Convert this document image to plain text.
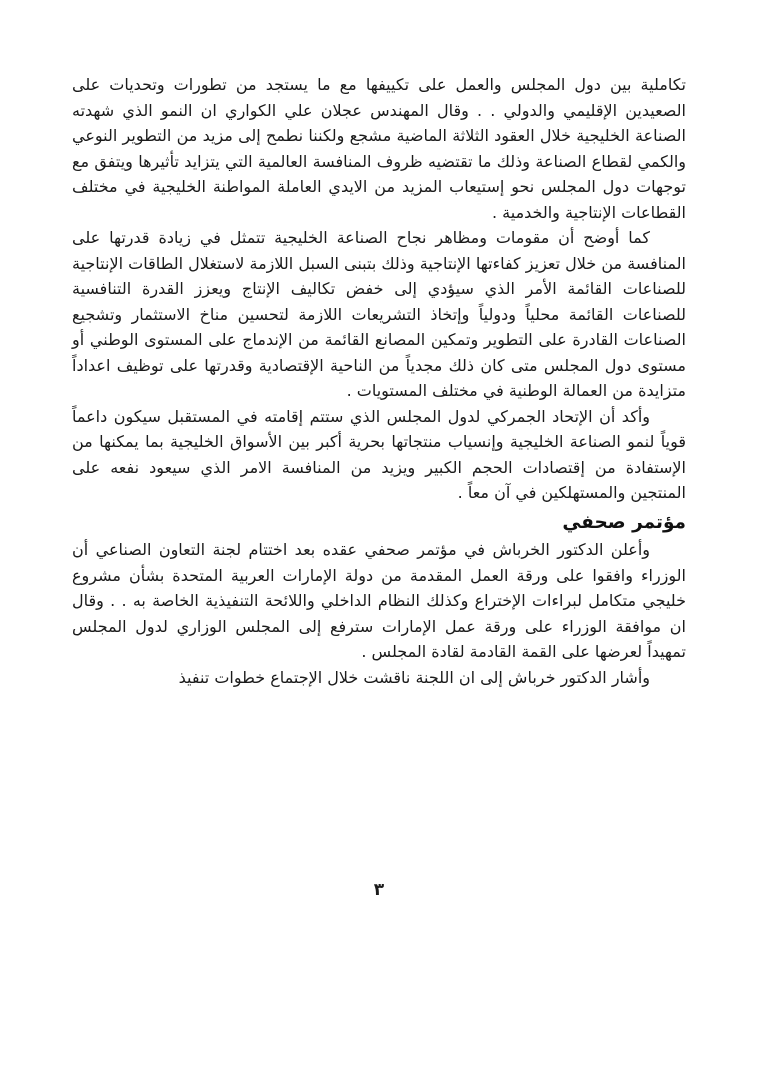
تكاملية بين دول المجلس والعمل على تكييفها مع ما يستجد من تطورات وتحديات على الصعيدين الإقليمي والدولي . . وقال المهندس عجلان علي الكواري ان النمو الذي شهدته الصناعة الخليجية خلال العقود الثلاثة الماضية مشجع ولكننا نطمح إلى مزيد من التطوير النوعي والكمي لقطاع الصناعة وذلك ما تقتضيه ظروف المنافسة العالمية التي يتزايد تأثيرها ويتفق مع توجهات دول المجلس نحو إستيعاب المزيد من الايدي العاملة المواطنة الخليجية في مختلف القطاعات الإنتاجية والخدمية .

كما أوضح أن مقومات ومظاهر نجاح الصناعة الخليجية تتمثل في زيادة قدرتها على المنافسة من خلال تعزيز كفاءتها الإنتاجية وذلك بتبنى السبل اللازمة لاستغلال الطاقات الإنتاجية للصناعات القائمة الأمر الذي سيؤدي إلى خفض تكاليف الإنتاج ويعزز القدرة التنافسية للصناعات القائمة محلياً ودولياً وإتخاذ التشريعات اللازمة لتحسين مناخ الاستثمار وتشجيع الصناعات القادرة على التطوير وتمكين المصانع القائمة من الإندماج على المستوى الوطني أو مستوى دول المجلس متى كان ذلك مجدياً من الناحية الإقتصادية وقدرتها على توظيف اعداداً متزايدة من العمالة الوطنية في مختلف المستويات .

وأكد أن الإتحاد الجمركي لدول المجلس الذي ستتم إقامته في المستقبل سيكون داعماً قوياً لنمو الصناعة الخليجية وإنسياب منتجاتها بحرية أكبر بين الأسواق الخليجية بما يمكنها من الإستفادة من إقتصادات الحجم الكبير ويزيد من المنافسة الامر الذي سيعود نفعه على المنتجين والمستهلكين في آن معاً .

مؤتمر صحفي

وأعلن الدكتور الخرباش في مؤتمر صحفي عقده بعد اختتام لجنة التعاون الصناعي أن الوزراء وافقوا على ورقة العمل المقدمة من دولة الإمارات العربية المتحدة بشأن مشروع خليجي متكامل لبراءات الإختراع وكذلك النظام الداخلي واللائحة التنفيذية الخاصة به . . وقال ان موافقة الوزراء على ورقة عمل الإمارات سترفع إلى المجلس الوزاري لدول المجلس تمهيداً لعرضها على القمة القادمة لقادة المجلس .

وأشار الدكتور خرباش إلى ان اللجنة ناقشت خلال الإجتماع خطوات تنفيذ

٣
